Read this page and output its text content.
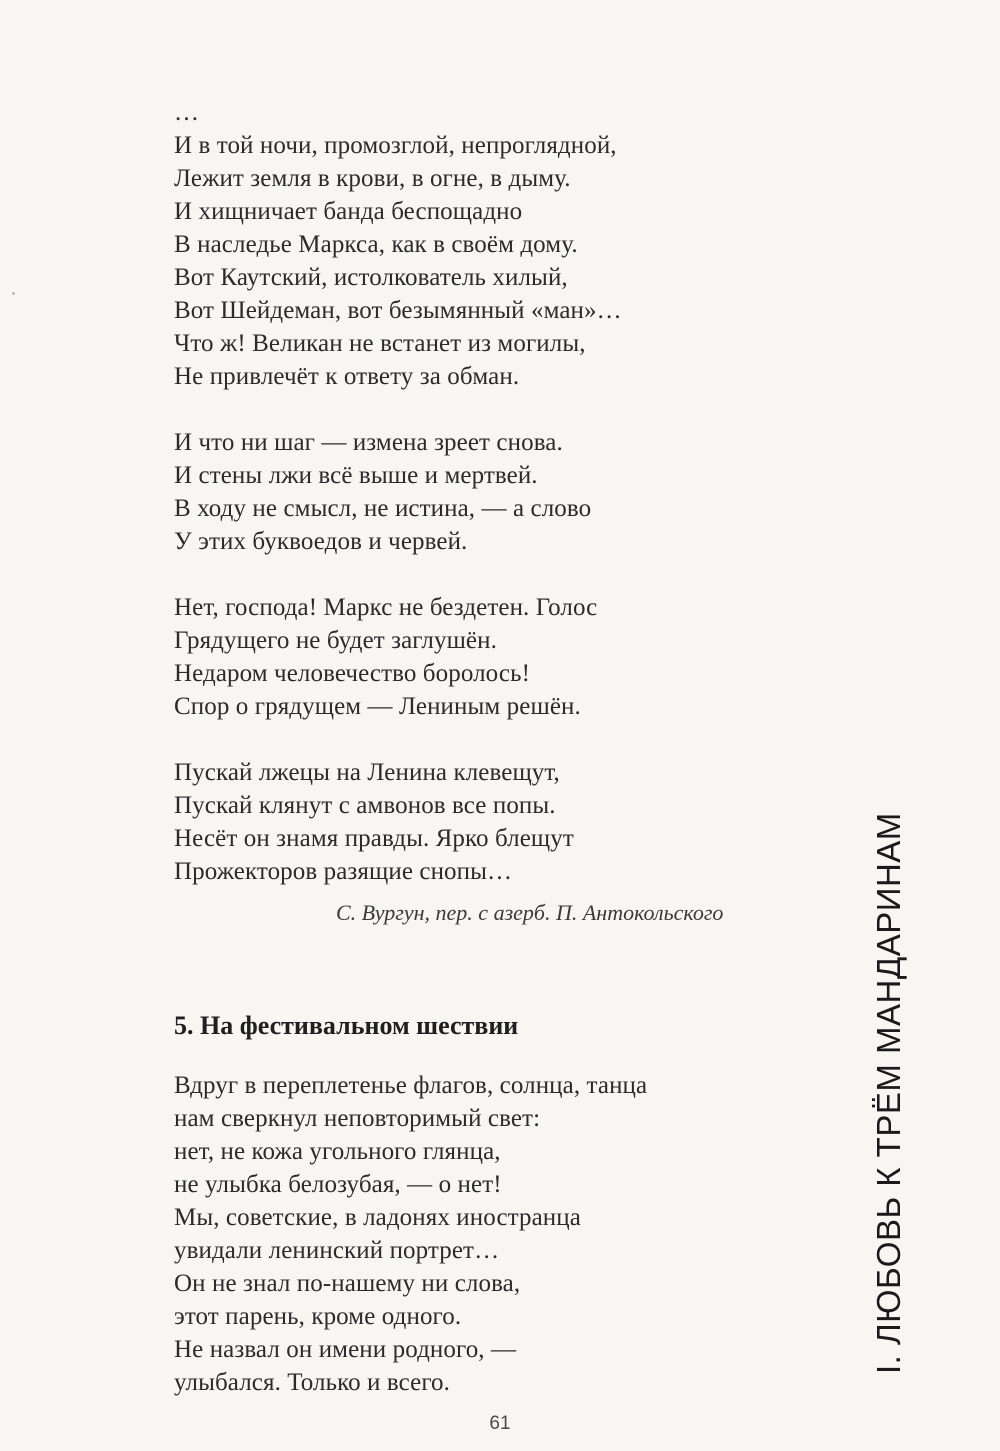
…
И в той ночи, промозглой, непроглядной,
Лежит земля в крови, в огне, в дыму.
И хищничает банда беспощадно
В наследье Маркса, как в своём дому.
Вот Каутский, истолкователь хилый,
Вот Шейдеман, вот безымянный «ман»…
Что ж! Великан не встанет из могилы,
Не привлечёт к ответу за обман.
И что ни шаг — измена зреет снова.
И стены лжи всё выше и мертвей.
В ходу не смысл, не истина, — а слово
У этих буквоедов и червей.
Нет, господа! Маркс не бездетен. Голос
Грядущего не будет заглушён.
Недаром человечество боролось!
Спор о грядущем — Лениным решён.
Пускай лжецы на Ленина клевещут,
Пускай клянут с амвонов все попы.
Несёт он знамя правды. Ярко блещут
Прожекторов разящие снопы…
С. Вургун, пер. с азерб. П. Антокольского
5. На фестивальном шествии
Вдруг в переплетенье флагов, солнца, танца
нам сверкнул неповторимый свет:
нет, не кожа угольного глянца,
не улыбка белозубая, — о нет!
Мы, советские, в ладонях иностранца
увидали ленинский портрет…
Он не знал по-нашему ни слова,
этот парень, кроме одного.
Не назвал он имени родного, —
улыбался. Только и всего.
I. ЛЮБОВЬ К ТРЁМ МАНДАРИНАМ
61
